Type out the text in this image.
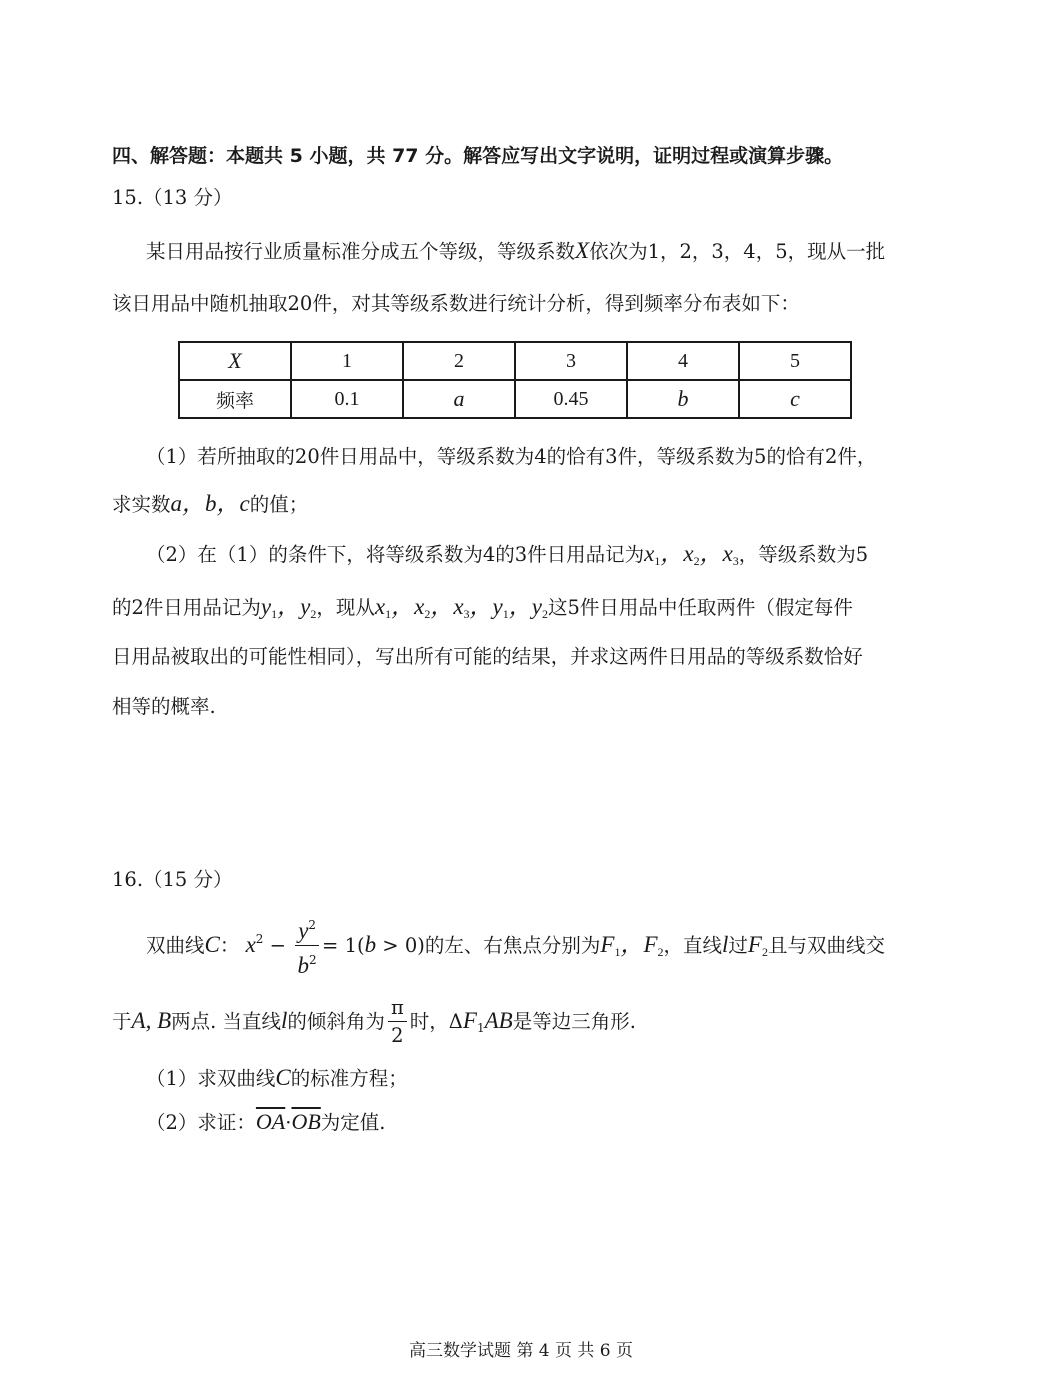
四、解答题：本题共 5 小题，共 77 分。解答应写出文字说明，证明过程或演算步骤。
15.（13 分）
某日用品按行业质量标准分成五个等级，等级系数X依次为1，2，3，4，5，现从一批
该日用品中随机抽取20件，对其等级系数进行统计分析，得到频率分布表如下：
X	1	2	3	4	5
频率	0.1	a	0.45	b	c
（1）若所抽取的20件日用品中，等级系数为4的恰有3件，等级系数为5的恰有2件，
求实数a，b，c的值；
（2）在（1）的条件下，将等级系数为4的3件日用品记为$x_1$，$x_2$，$x_3$，等级系数为5
的2件日用品记为$y_1$，$y_2$，现从$x_1$，$x_2$，$x_3$，$y_1$，$y_2$这5件日用品中任取两件（假定每件
日用品被取出的可能性相同），写出所有可能的结果，并求这两件日用品的等级系数恰好
相等的概率.
16.（15 分）
双曲线C： $x^2 - \frac{y^2}{b^2} = 1(b > 0)$的左、右焦点分别为$F_1$，$F_2$，直线l过$F_2$且与双曲线交
于A, B两点. 当直线l的倾斜角为 $\frac{\pi}{2}$ 时，$\Delta F_1AB$是等边三角形.
（1）求双曲线C的标准方程；
（2）求证：$\overline{OA}\cdot\overline{OB}$为定值.
高三数学试题 第 4 页 共 6 页
